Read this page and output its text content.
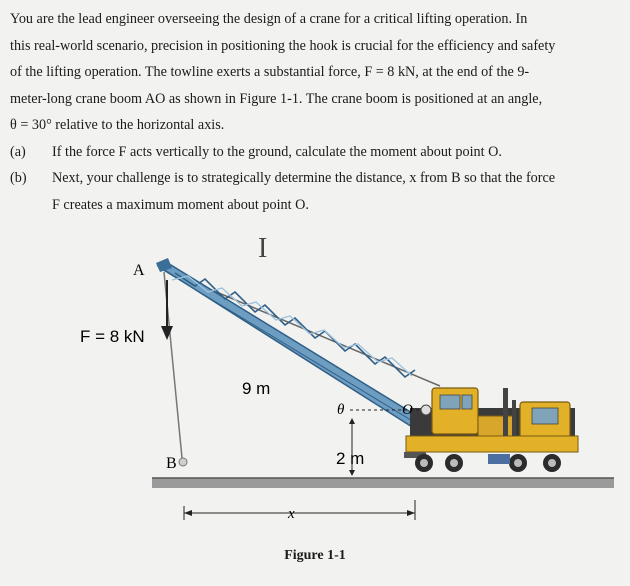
You are the lead engineer overseeing the design of a crane for a critical lifting operation. In

this real-world scenario, precision in positioning the hook is crucial for the efficiency and safety

of the lifting operation. The towline exerts a substantial force, F = 8 kN, at the end of the 9-

meter-long crane boom AO as shown in Figure 1-1. The crane boom is positioned at an angle,

θ = 30° relative to the horizontal axis.

(a)	If the force F acts vertically to the ground, calculate the moment about point O.
(b)	Next, your challenge is to strategically determine the distance, x from B so that the force

F creates a maximum moment about point O.

A
F = 8 kN
9 m
θ	O
2 m
B
x
I
Figure 1-1
